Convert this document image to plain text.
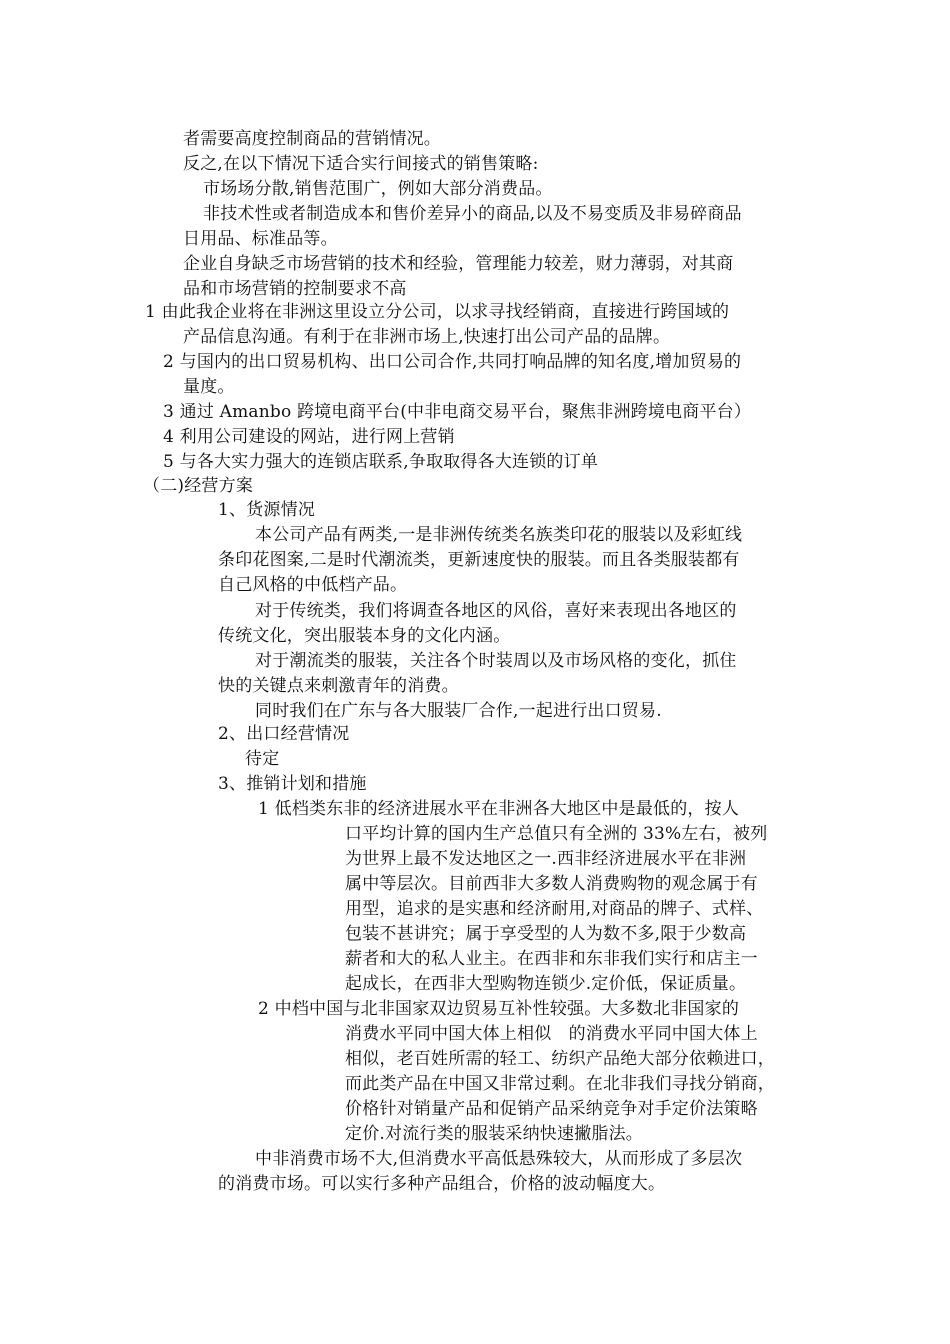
者需要高度控制商品的营销情况。
反之,在以下情况下适合实行间接式的销售策略:
市场场分散,销售范围广，例如大部分消费品。
非技术性或者制造成本和售价差异小的商品,以及不易变质及非易碎商品
日用品、标准品等。
企业自身缺乏市场营销的技术和经验，管理能力较差，财力薄弱，对其商
品和市场营销的控制要求不高
1 由此我企业将在非洲这里设立分公司，以求寻找经销商，直接进行跨国域的
产品信息沟通。有利于在非洲市场上,快速打出公司产品的品牌。
2 与国内的出口贸易机构、出口公司合作,共同打响品牌的知名度,增加贸易的
量度。
3 通过 Amanbo 跨境电商平台(中非电商交易平台，聚焦非洲跨境电商平台）
4 利用公司建设的网站，进行网上营销
5 与各大实力强大的连锁店联系,争取取得各大连锁的订单
（二)经营方案
1、货源情况
本公司产品有两类,一是非洲传统类名族类印花的服装以及彩虹线
条印花图案,二是时代潮流类，更新速度快的服装。而且各类服装都有
自己风格的中低档产品。
对于传统类，我们将调查各地区的风俗，喜好来表现出各地区的
传统文化，突出服装本身的文化内涵。
对于潮流类的服装，关注各个时装周以及市场风格的变化，抓住
快的关键点来刺激青年的消费。
同时我们在广东与各大服装厂合作,一起进行出口贸易.
2、出口经营情况
待定
3、推销计划和措施
1 低档类东非的经济进展水平在非洲各大地区中是最低的，按人
口平均计算的国内生产总值只有全洲的 33%左右，被列
为世界上最不发达地区之一.西非经济进展水平在非洲
属中等层次。目前西非大多数人消费购物的观念属于有
用型，追求的是实惠和经济耐用,对商品的牌子、式样、
包装不甚讲究；属于享受型的人为数不多,限于少数高
薪者和大的私人业主。在西非和东非我们实行和店主一
起成长，在西非大型购物连锁少.定价低，保证质量。
2 中档中国与北非国家双边贸易互补性较强。大多数北非国家的
消费水平同中国大体上相似　的消费水平同中国大体上
相似，老百姓所需的轻工、纺织产品绝大部分依赖进口，
而此类产品在中国又非常过剩。在北非我们寻找分销商，
价格针对销量产品和促销产品采纳竞争对手定价法策略
定价.对流行类的服装采纳快速撇脂法。
中非消费市场不大,但消费水平高低悬殊较大，从而形成了多层次
的消费市场。可以实行多种产品组合，价格的波动幅度大。
